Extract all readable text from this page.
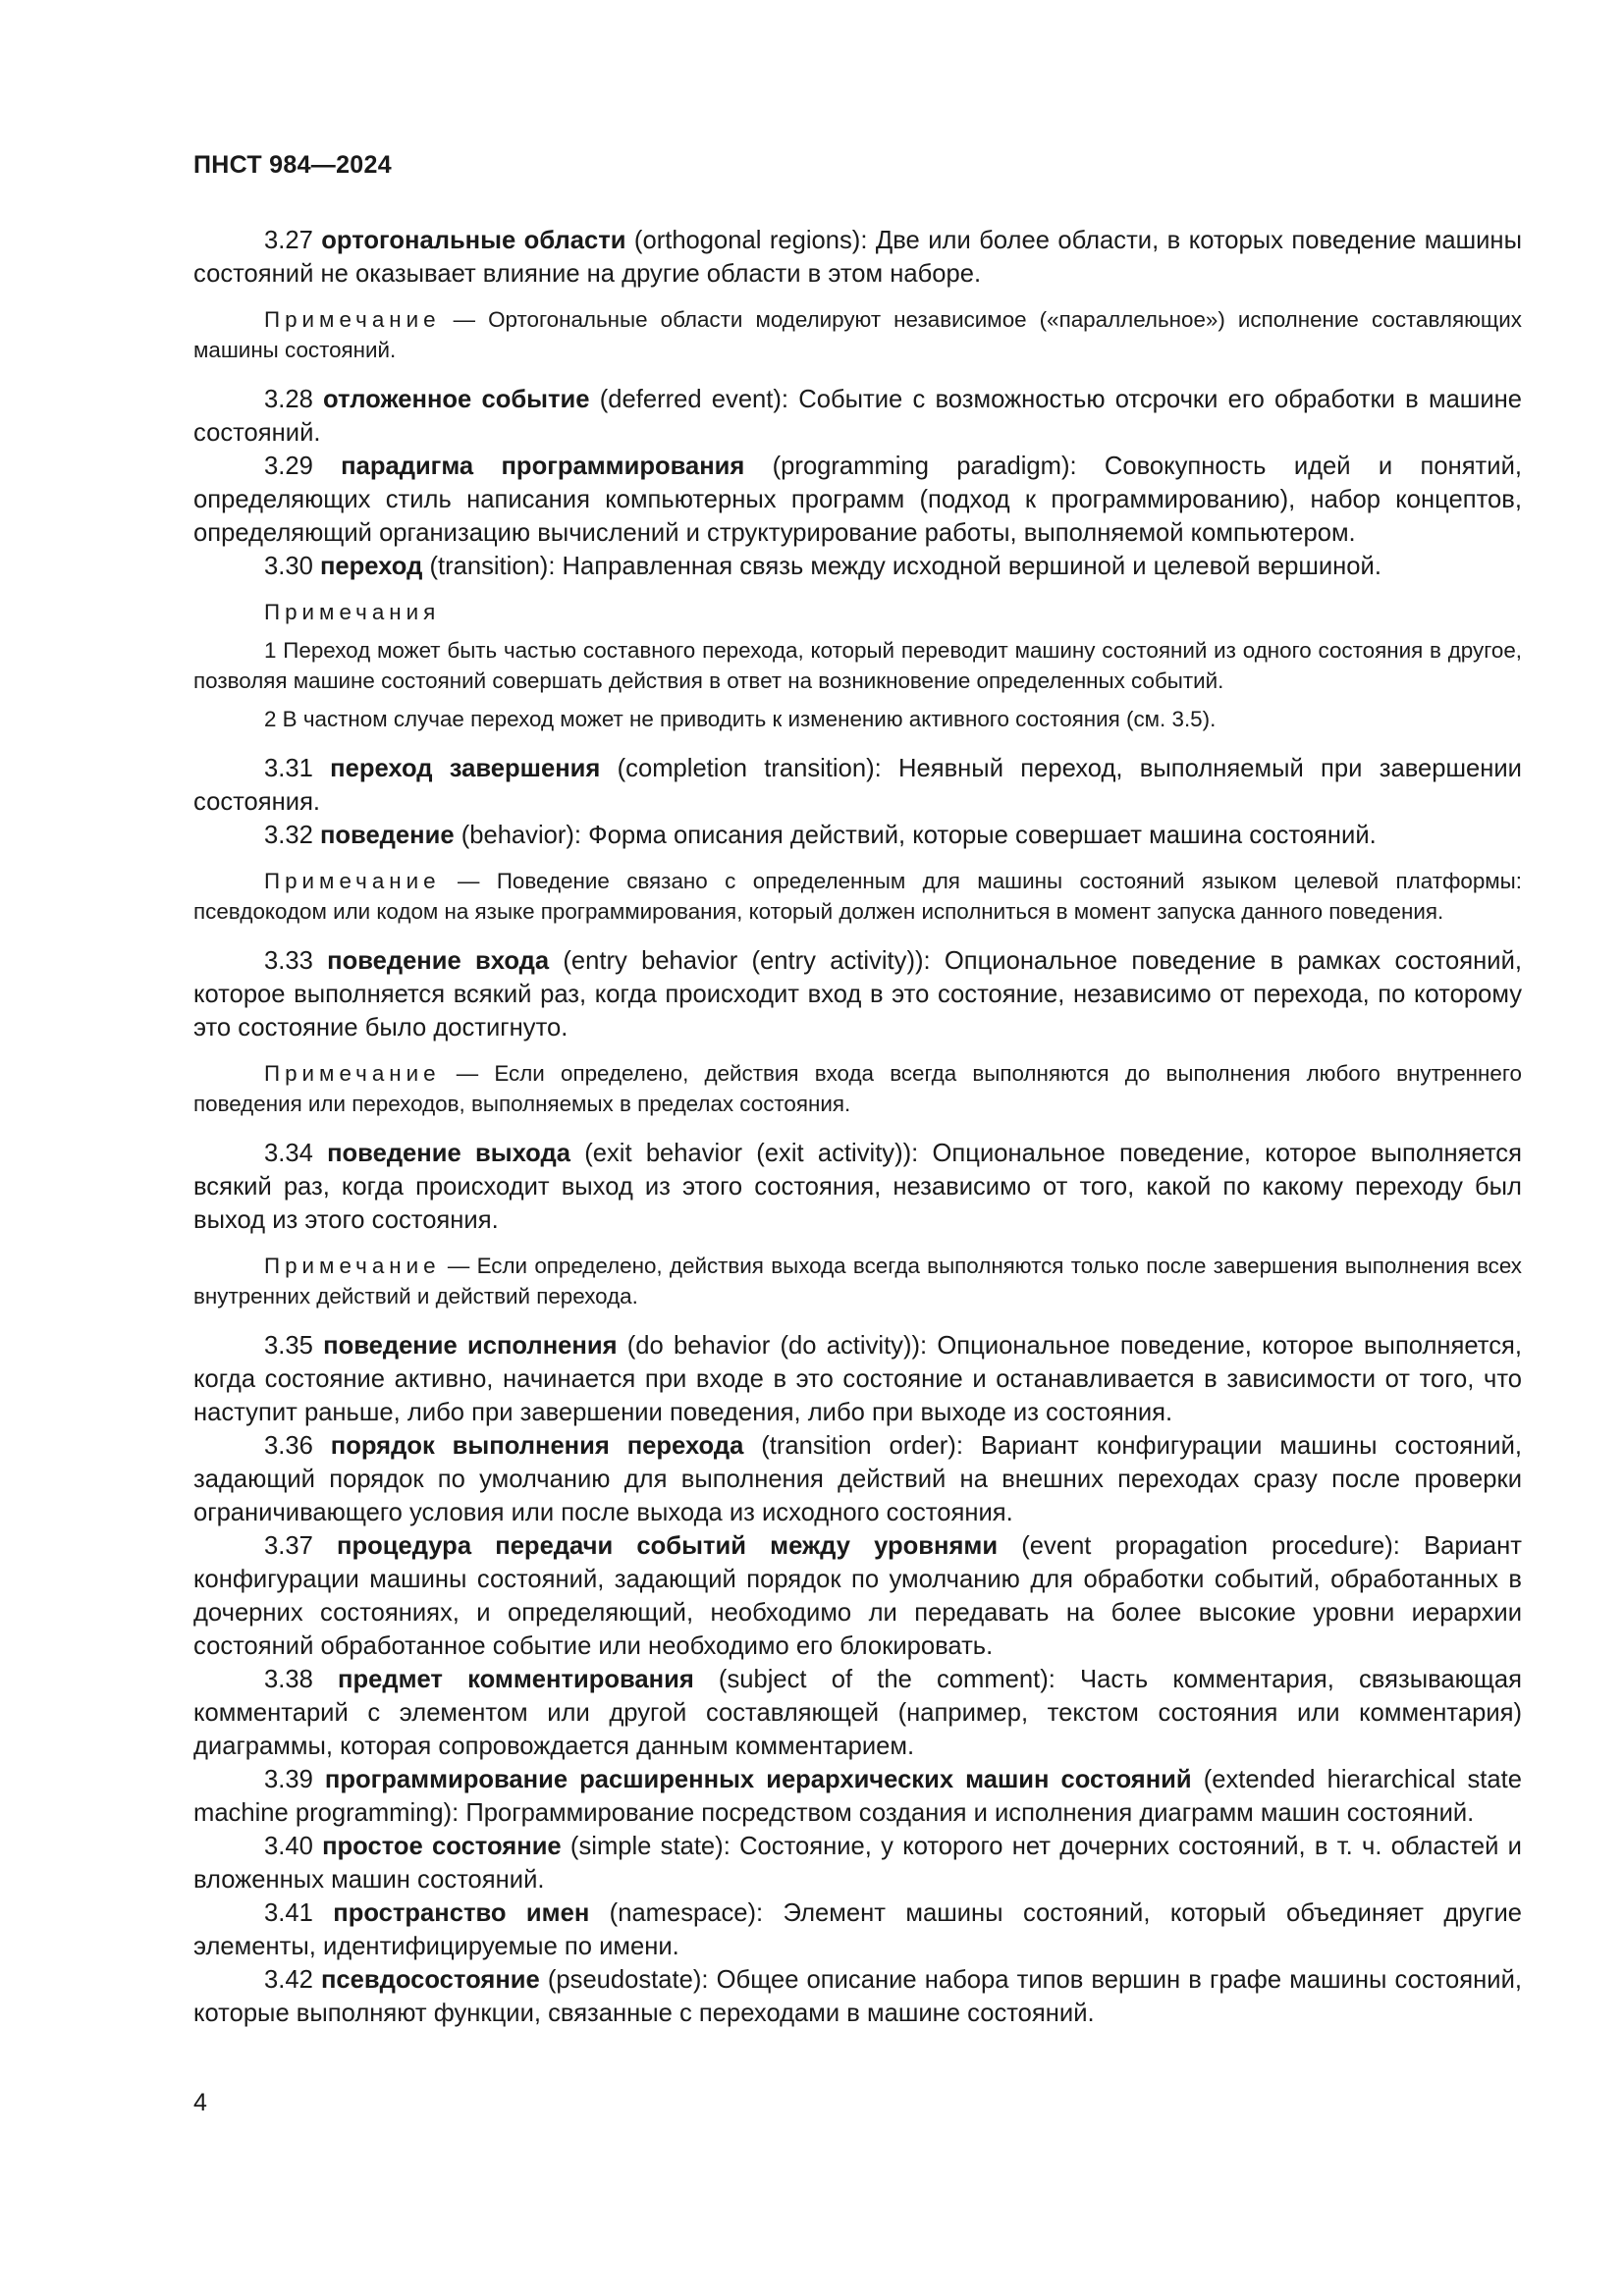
ПНСТ 984—2024

3.27 ортогональные области (orthogonal regions): Две или более области, в которых поведение машины состояний не оказывает влияние на другие области в этом наборе.

Примечание — Ортогональные области моделируют независимое («параллельное») исполнение составляющих машины состояний.

3.28 отложенное событие (deferred event): Событие с возможностью отсрочки его обработки в машине состояний.

3.29 парадигма программирования (programming paradigm): Совокупность идей и понятий, определяющих стиль написания компьютерных программ (подход к программированию), набор концептов, определяющий организацию вычислений и структурирование работы, выполняемой компьютером.

3.30 переход (transition): Направленная связь между исходной вершиной и целевой вершиной.

Примечания

1 Переход может быть частью составного перехода, который переводит машину состояний из одного состояния в другое, позволяя машине состояний совершать действия в ответ на возникновение определенных событий.

2 В частном случае переход может не приводить к изменению активного состояния (см. 3.5).

3.31 переход завершения (completion transition): Неявный переход, выполняемый при завершении состояния.

3.32 поведение (behavior): Форма описания действий, которые совершает машина состояний.

Примечание — Поведение связано с определенным для машины состояний языком целевой платформы: псевдокодом или кодом на языке программирования, который должен исполниться в момент запуска данного поведения.

3.33 поведение входа (entry behavior (entry activity)): Опциональное поведение в рамках состояний, которое выполняется всякий раз, когда происходит вход в это состояние, независимо от перехода, по которому это состояние было достигнуто.

Примечание — Если определено, действия входа всегда выполняются до выполнения любого внутреннего поведения или переходов, выполняемых в пределах состояния.

3.34 поведение выхода (exit behavior (exit activity)): Опциональное поведение, которое выполняется всякий раз, когда происходит выход из этого состояния, независимо от того, какой по какому переходу был выход из этого состояния.

Примечание — Если определено, действия выхода всегда выполняются только после завершения выполнения всех внутренних действий и действий перехода.

3.35 поведение исполнения (do behavior (do activity)): Опциональное поведение, которое выполняется, когда состояние активно, начинается при входе в это состояние и останавливается в зависимости от того, что наступит раньше, либо при завершении поведения, либо при выходе из состояния.

3.36 порядок выполнения перехода (transition order): Вариант конфигурации машины состояний, задающий порядок по умолчанию для выполнения действий на внешних переходах сразу после проверки ограничивающего условия или после выхода из исходного состояния.

3.37 процедура передачи событий между уровнями (event propagation procedure): Вариант конфигурации машины состояний, задающий порядок по умолчанию для обработки событий, обработанных в дочерних состояниях, и определяющий, необходимо ли передавать на более высокие уровни иерархии состояний обработанное событие или необходимо его блокировать.

3.38 предмет комментирования (subject of the comment): Часть комментария, связывающая комментарий с элементом или другой составляющей (например, текстом состояния или комментария) диаграммы, которая сопровождается данным комментарием.

3.39 программирование расширенных иерархических машин состояний (extended hierarchical state machine programming): Программирование посредством создания и исполнения диаграмм машин состояний.

3.40 простое состояние (simple state): Состояние, у которого нет дочерних состояний, в т. ч. областей и вложенных машин состояний.

3.41 пространство имен (namespace): Элемент машины состояний, который объединяет другие элементы, идентифицируемые по имени.

3.42 псевдосостояние (pseudostate): Общее описание набора типов вершин в графе машины состояний, которые выполняют функции, связанные с переходами в машине состояний.

4
